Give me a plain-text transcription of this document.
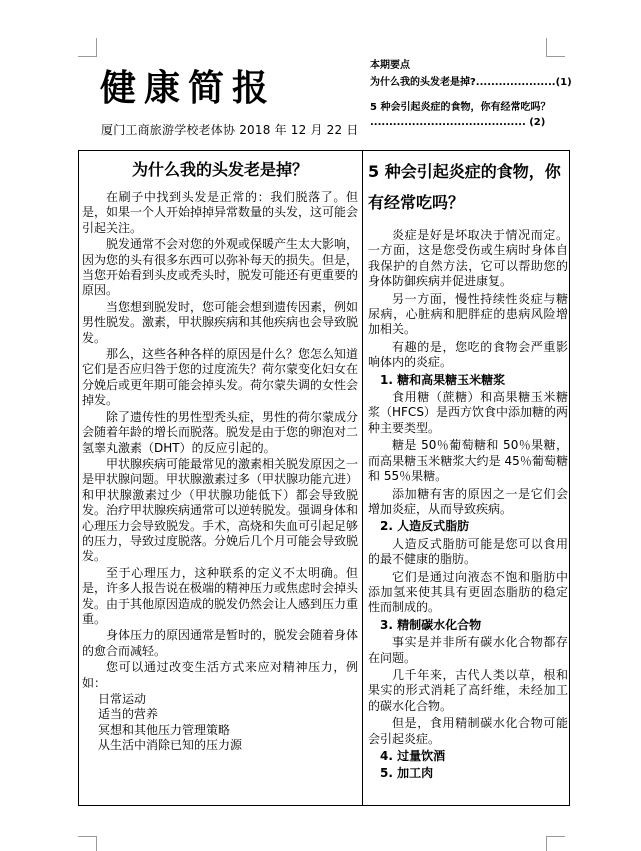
健康简报
厦门工商旅游学校老体协 2018 年 12 月 22 日
本期要点
为什么我的头发老是掉?.....................(1)
5 种会引起炎症的食物，你有经常吃吗？ ......................................... (2)
为什么我的头发老是掉？

在刷子中找到头发是正常的：我们脱落了。但是，如果一个人开始掉掉异常数量的头发，这可能会引起关注。

脱发通常不会对您的外观或保暖产生太大影响，因为您的头有很多东西可以弥补每天的损失。但是，当您开始看到头皮或秃头时，脱发可能还有更重要的原因。

当您想到脱发时，您可能会想到遗传因素，例如男性脱发。激素，甲状腺疾病和其他疾病也会导致脱发。

那么，这些各种各样的原因是什么？您怎么知道它们是否应归咎于您的过度流失？荷尔蒙变化妇女在分娩后或更年期可能会掉头发。荷尔蒙失调的女性会掉发。

除了遗传性的男性型秃头症，男性的荷尔蒙成分会随着年龄的增长而脱落。脱发是由于您的卵泡对二氢睾丸激素（DHT）的反应引起的。

甲状腺疾病可能最常见的激素相关脱发原因之一是甲状腺问题。甲状腺激素过多（甲状腺功能亢进）和甲状腺激素过少（甲状腺功能低下）都会导致脱发。治疗甲状腺疾病通常可以逆转脱发。强调身体和心理压力会导致脱发。手术，高烧和失血可引起足够的压力，导致过度脱落。分娩后几个月可能会导致脱发。

至于心理压力，这种联系的定义不太明确。但是，许多人报告说在极端的精神压力或焦虑时会掉头发。由于其他原因造成的脱发仍然会让人感到压力重重。

身体压力的原因通常是暂时的，脱发会随着身体的愈合而减轻。

您可以通过改变生活方式来应对精神压力，例如：

日常运动
适当的营养
冥想和其他压力管理策略
从生活中消除已知的压力源
5 种会引起炎症的食物，你有经常吃吗？

炎症是好是坏取决于情况而定。一方面，这是您受伤或生病时身体自我保护的自然方法，它可以帮助您的身体防御疾病并促进康复。

另一方面，慢性持续性炎症与糖尿病，心脏病和肥胖症的患病风险增加相关。

有趣的是，您吃的食物会严重影响体内的炎症。

1. 糖和高果糖玉米糖浆

食用糖（蔗糖）和高果糖玉米糖浆（HFCS）是西方饮食中添加糖的两种主要类型。

糖是 50％葡萄糖和 50％果糖，而高果糖玉米糖浆大约是 45％葡萄糖和 55％果糖。

添加糖有害的原因之一是它们会增加炎症，从而导致疾病。

2. 人造反式脂肪

人造反式脂肪可能是您可以食用的最不健康的脂肪。

它们是通过向液态不饱和脂肪中添加氢来使其具有更固态脂肪的稳定性而制成的。

3. 精制碳水化合物

事实是并非所有碳水化合物都存在问题。

几千年来，古代人类以草，根和果实的形式消耗了高纤维，未经加工的碳水化合物。

但是，食用精制碳水化合物可能会引起炎症。

4. 过量饮酒
5. 加工肉
